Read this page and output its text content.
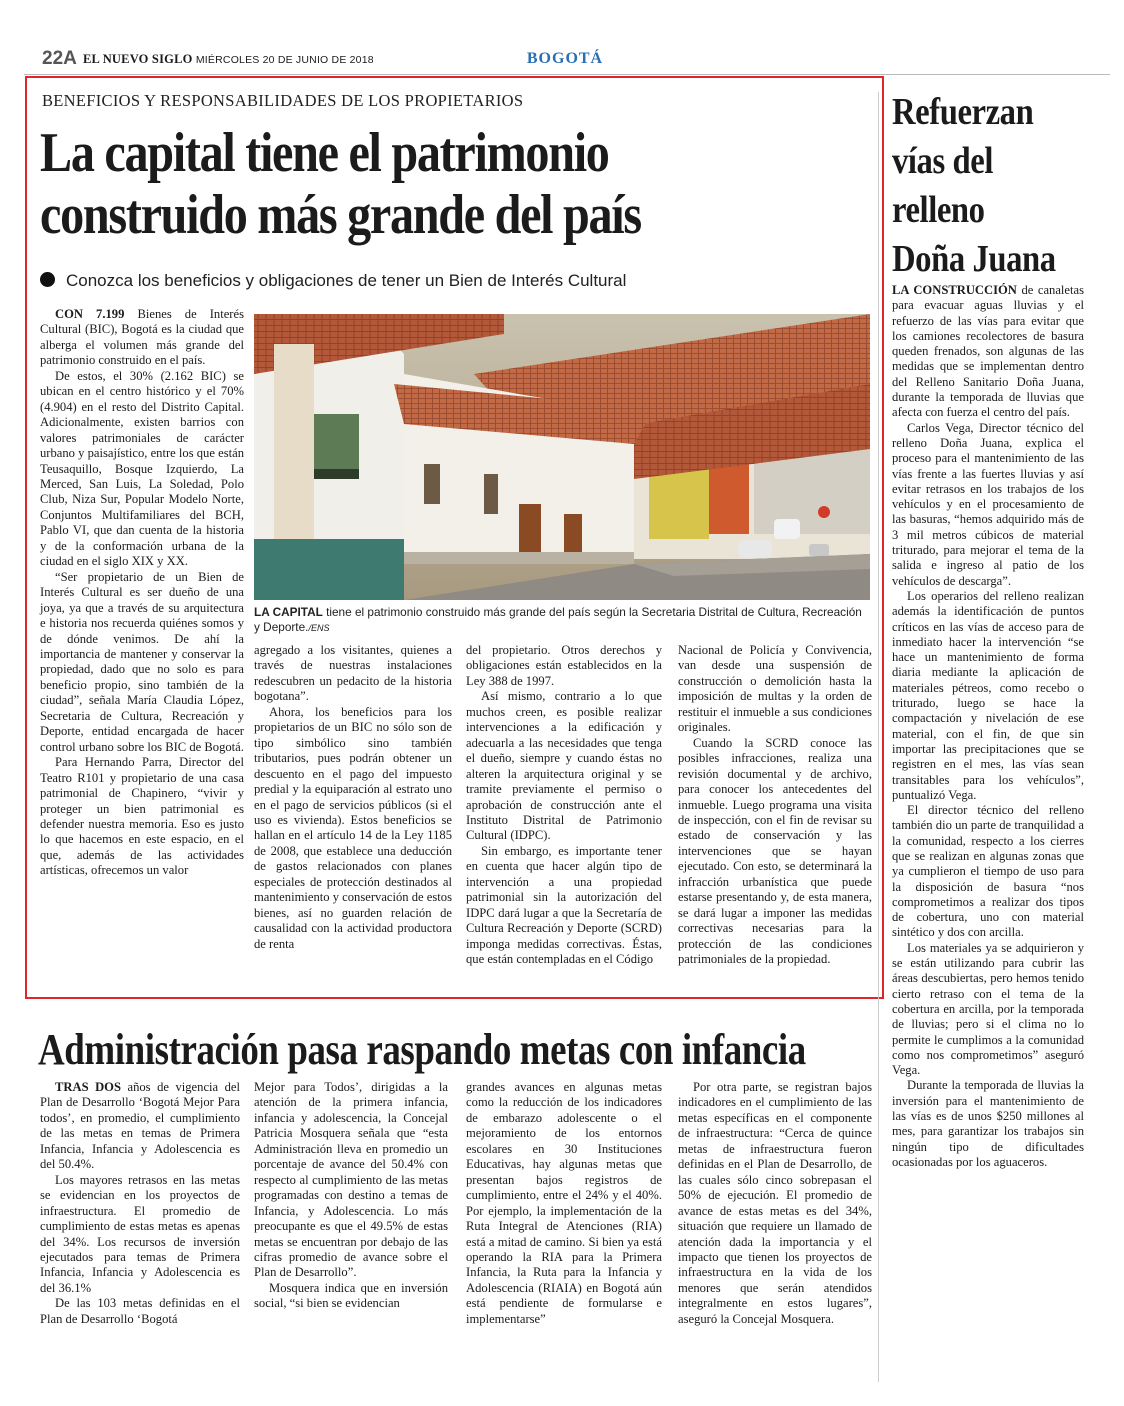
22A EL NUEVO SIGLO MIÉRCOLES 20 DE JUNIO DE 2018	BOGOTÁ
BENEFICIOS Y RESPONSABILIDADES DE LOS PROPIETARIOS
La capital tiene el patrimonio
construido más grande del país
Conozca los beneficios y obligaciones de tener un Bien de Interés Cultural

CON 7.199 Bienes de Interés Cultural (BIC), Bogotá es la ciudad que alberga el volumen más grande del patrimonio construido en el país.

De estos, el 30% (2.162 BIC) se ubican en el centro histórico y el 70% (4.904) en el resto del Distrito Capital. Adicionalmente, existen barrios con valores patrimoniales de carácter urbano y paisajístico, entre los que están Teusaquillo, Bosque Izquierdo, La Merced, San Luis, La Soledad, Polo Club, Niza Sur, Popular Modelo Norte, Conjuntos Multifamiliares del BCH, Pablo VI, que dan cuenta de la historia y de la conformación urbana de la ciudad en el siglo XIX y XX.

“Ser propietario de un Bien de Interés Cultural es ser dueño de una joya, ya que a través de su arquitectura e historia nos recuerda quiénes somos y de dónde venimos. De ahí la importancia de mantener y conservar la propiedad, dado que no solo es para beneficio propio, sino también de la ciudad”, señala María Claudia López, Secretaria de Cultura, Recreación y Deporte, entidad encargada de hacer control urbano sobre los BIC de Bogotá.

Para Hernando Parra, Director del Teatro R101 y propietario de una casa patrimonial de Chapinero, “vivir y proteger un bien patrimonial es defender nuestra memoria. Eso es justo lo que hacemos en este espacio, en el que, además de las actividades artísticas, ofrecemos un valor

LA CAPITAL tiene el patrimonio construido más grande del país según la Secretaria Distrital de Cultura, Recreación y Deporte./ENS

agregado a los visitantes, quienes a través de nuestras instalaciones redescubren un pedacito de la historia bogotana”.

Ahora, los beneficios para los propietarios de un BIC no sólo son de tipo simbólico sino también tributarios, pues podrán obtener un descuento en el pago del impuesto predial y la equiparación al estrato uno en el pago de servicios públicos (si el uso es vivienda). Estos beneficios se hallan en el artículo 14 de la Ley 1185 de 2008, que establece una deducción de gastos relacionados con planes especiales de protección destinados al mantenimiento y conservación de estos bienes, así no guarden relación de causalidad con la actividad productora de renta

del propietario. Otros derechos y obligaciones están establecidos en la Ley 388 de 1997.

Así mismo, contrario a lo que muchos creen, es posible realizar intervenciones a la edificación y adecuarla a las necesidades que tenga el dueño, siempre y cuando éstas no alteren la arquitectura original y se tramite previamente el permiso o aprobación de construcción ante el Instituto Distrital de Patrimonio Cultural (IDPC).

Sin embargo, es importante tener en cuenta que hacer algún tipo de intervención a una propiedad patrimonial sin la autorización del IDPC dará lugar a que la Secretaría de Cultura Recreación y Deporte (SCRD) imponga medidas correctivas. Éstas, que están contempladas en el Código

Nacional de Policía y Convivencia, van desde una suspensión de construcción o demolición hasta la imposición de multas y la orden de restituir el inmueble a sus condiciones originales.

Cuando la SCRD conoce las posibles infracciones, realiza una revisión documental y de archivo, para conocer los antecedentes del inmueble. Luego programa una visita de inspección, con el fin de revisar su estado de conservación y las intervenciones que se hayan ejecutado. Con esto, se determinará la infracción urbanística que puede estarse presentando y, de esta manera, se dará lugar a imponer las medidas correctivas necesarias para la protección de las condiciones patrimoniales de la propiedad.

Refuerzan
vías del
relleno
Doña Juana

LA CONSTRUCCIÓN de canaletas para evacuar aguas lluvias y el refuerzo de las vías para evitar que los camiones recolectores de basura queden frenados, son algunas de las medidas que se implementan dentro del Relleno Sanitario Doña Juana, durante la temporada de lluvias que afecta con fuerza el centro del país.

Carlos Vega, Director técnico del relleno Doña Juana, explica el proceso para el mantenimiento de las vías frente a las fuertes lluvias y así evitar retrasos en los trabajos de los vehículos y en el procesamiento de las basuras, “hemos adquirido más de 3 mil metros cúbicos de material triturado, para mejorar el tema de la salida e ingreso al patio de los vehículos de descarga”.

Los operarios del relleno realizan además la identificación de puntos críticos en las vías de acceso para de inmediato hacer la intervención “se hace un mantenimiento de forma diaria mediante la aplicación de materiales pétreos, como recebo o triturado, luego se hace la compactación y nivelación de ese material, con el fin, de que sin importar las precipitaciones que se registren en el mes, las vías sean transitables para los vehículos”, puntualizó Vega.

El director técnico del relleno también dio un parte de tranquilidad a la comunidad, respecto a los cierres que se realizan en algunas zonas que ya cumplieron el tiempo de uso para la disposición de basura “nos comprometimos a realizar dos tipos de cobertura, uno con material sintético y dos con arcilla.

Los materiales ya se adquirieron y se están utilizando para cubrir las áreas descubiertas, pero hemos tenido cierto retraso con el tema de la cobertura en arcilla, por la temporada de lluvias; pero si el clima no lo permite le cumplimos a la comunidad como nos comprometimos” aseguró Vega.

Durante la temporada de lluvias la inversión para el mantenimiento de las vías es de unos $250 millones al mes, para garantizar los trabajos sin ningún tipo de dificultades ocasionadas por los aguaceros.

Administración pasa raspando metas con infancia

TRAS DOS años de vigencia del Plan de Desarrollo ‘Bogotá Mejor Para todos’, en promedio, el cumplimiento de las metas en temas de Primera Infancia, Infancia y Adolescencia es del 50.4%.

Los mayores retrasos en las metas se evidencian en los proyectos de infraestructura. El promedio de cumplimiento de estas metas es apenas del 34%. Los recursos de inversión ejecutados para temas de Primera Infancia, Infancia y Adolescencia es del 36.1%

De las 103 metas definidas en el Plan de Desarrollo ‘Bogotá

Mejor para Todos’, dirigidas a la atención de la primera infancia, infancia y adolescencia, la Concejal Patricia Mosquera señala que “esta Administración lleva en promedio un porcentaje de avance del 50.4% con respecto al cumplimiento de las metas programadas con destino a temas de Infancia, y Adolescencia. Lo más preocupante es que el 49.5% de estas metas se encuentran por debajo de las cifras promedio de avance sobre el Plan de Desarrollo”.

Mosquera indica que en inversión social, “si bien se evidencian

grandes avances en algunas metas como la reducción de los indicadores de embarazo adolescente o el mejoramiento de los entornos escolares en 30 Instituciones Educativas, hay algunas metas que presentan bajos registros de cumplimiento, entre el 24% y el 40%. Por ejemplo, la implementación de la Ruta Integral de Atenciones (RIA) está a mitad de camino. Si bien ya está operando la RIA para la Primera Infancia, la Ruta para la Infancia y Adolescencia (RIAIA) en Bogotá aún está pendiente de formularse e implementarse”

Por otra parte, se registran bajos indicadores en el cumplimiento de las metas específicas en el componente de infraestructura: “Cerca de quince metas de infraestructura fueron definidas en el Plan de Desarrollo, de las cuales sólo cinco sobrepasan el 50% de ejecución. El promedio de avance de estas metas es del 34%, situación que requiere un llamado de atención dada la importancia y el impacto que tienen los proyectos de infraestructura en la vida de los menores que serán atendidos integralmente en estos lugares”, aseguró la Concejal Mosquera.
